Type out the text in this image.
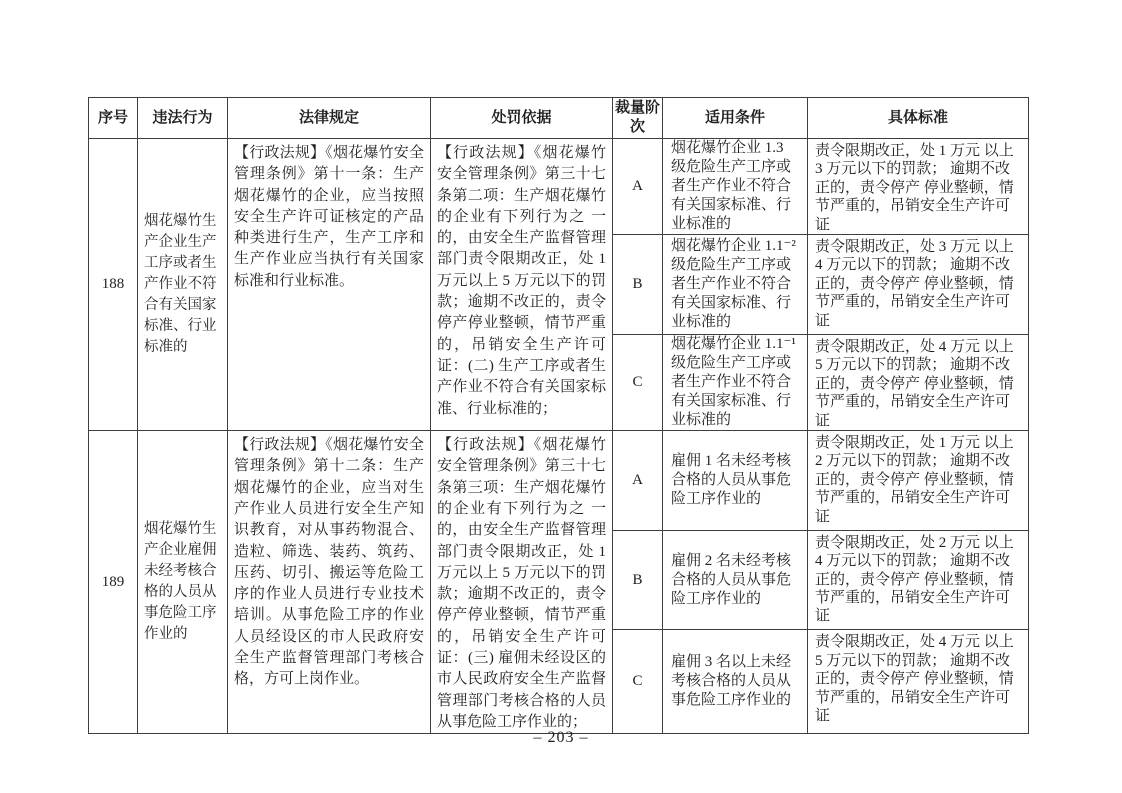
序号	违法行为	法律规定	处罚依据	裁量阶次	适用条件	具体标准
188	烟花爆竹生产企业生产工序或者生产作业不符合有关国家标准、行业标准的	【行政法规】《烟花爆竹安全管理条例》第十一条：生产烟花爆竹的企业，应当按照安全生产许可证核定的产品种类进行生产，生产工序和生产作业应当执行有关国家标准和行业标准。	【行政法规】《烟花爆竹安全管理条例》第三十七条第二项：生产烟花爆竹的企业有下列行为之 一的，由安全生产监督管理部门责令限期改正，处 1 万元以上 5 万元以下的罚款；逾期不改正的，责令停产停业整顿，情节严重的，吊销安全生产许可证：(二) 生产工序或者生产作业不符合有关国家标准、行业标准的；	A	烟花爆竹企业 1.3 级危险生产工序或者生产作业不符合有关国家标准、行业标准的	责令限期改正，处 1 万元 以上 3 万元以下的罚款； 逾期不改正的，责令停产 停业整顿，情节严重的，吊销安全生产许可证
				B	烟花爆竹企业 1.1⁻²级危险生产工序或者生产作业不符合有关国家标准、行业标准的	责令限期改正，处 3 万元 以上 4 万元以下的罚款； 逾期不改正的，责令停产 停业整顿，情节严重的，吊销安全生产许可证
				C	烟花爆竹企业 1.1⁻¹级危险生产工序或者生产作业不符合有关国家标准、行业标准的	责令限期改正，处 4 万元 以上 5 万元以下的罚款； 逾期不改正的，责令停产 停业整顿，情节严重的，吊销安全生产许可证
189	烟花爆竹生产企业雇佣未经考核合格的人员从事危险工序作业的	【行政法规】《烟花爆竹安全管理条例》第十二条：生产烟花爆竹的企业，应当对生产作业人员进行安全生产知识教育，对从事药物混合、造粒、筛选、装药、筑药、压药、切引、搬运等危险工序的作业人员进行专业技术培训。从事危险工序的作业人员经设区的市人民政府安全生产监督管理部门考核合格，方可上岗作业。	【行政法规】《烟花爆竹安全管理条例》第三十七条第三项：生产烟花爆竹的企业有下列行为之 一的，由安全生产监督管理部门责令限期改正，处 1 万元以上 5 万元以下的罚款；逾期不改正的，责令停产停业整顿，情节严重的，吊销安全生产许可证：(三) 雇佣未经设区的市人民政府安全生产监督管理部门考核合格的人员从事危险工序作业的；	A	雇佣 1 名未经考核合格的人员从事危险工序作业的	责令限期改正，处 1 万元 以上 2 万元以下的罚款； 逾期不改正的，责令停产 停业整顿，情节严重的，吊销安全生产许可证
				B	雇佣 2 名未经考核合格的人员从事危险工序作业的	责令限期改正，处 2 万元 以上 4 万元以下的罚款； 逾期不改正的，责令停产 停业整顿，情节严重的，吊销安全生产许可证
				C	雇佣 3 名以上未经考核合格的人员从事危险工序作业的	责令限期改正，处 4 万元 以上 5 万元以下的罚款； 逾期不改正的，责令停产 停业整顿，情节严重的，吊销安全生产许可证
– 203 –
